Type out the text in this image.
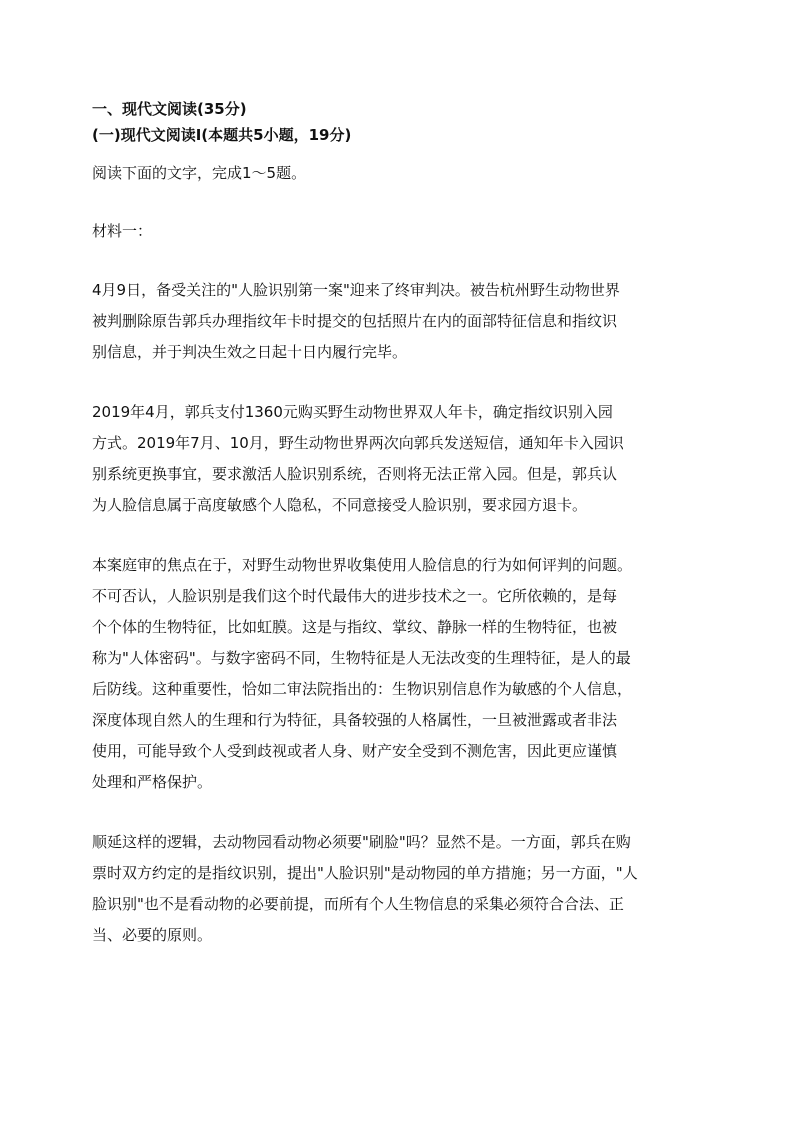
一、现代文阅读(35分)

(一)现代文阅读Ⅰ(本题共5小题，19分)

阅读下面的文字，完成1～5题。

材料一：

4月9日，备受关注的"人脸识别第一案"迎来了终审判决。被告杭州野生动物世界
被判删除原告郭兵办理指纹年卡时提交的包括照片在内的面部特征信息和指纹识
别信息，并于判决生效之日起十日内履行完毕。

2019年4月，郭兵支付1360元购买野生动物世界双人年卡，确定指纹识别入园
方式。2019年7月、10月，野生动物世界两次向郭兵发送短信，通知年卡入园识
别系统更换事宜，要求激活人脸识别系统，否则将无法正常入园。但是，郭兵认
为人脸信息属于高度敏感个人隐私，不同意接受人脸识别，要求园方退卡。

本案庭审的焦点在于，对野生动物世界收集使用人脸信息的行为如何评判的问题。
不可否认，人脸识别是我们这个时代最伟大的进步技术之一。它所依赖的，是每
个个体的生物特征，比如虹膜。这是与指纹、掌纹、静脉一样的生物特征，也被
称为"人体密码"。与数字密码不同，生物特征是人无法改变的生理特征，是人的最
后防线。这种重要性，恰如二审法院指出的：生物识别信息作为敏感的个人信息，
深度体现自然人的生理和行为特征，具备较强的人格属性，一旦被泄露或者非法
使用，可能导致个人受到歧视或者人身、财产安全受到不测危害，因此更应谨慎
处理和严格保护。

顺延这样的逻辑，去动物园看动物必须要"刷脸"吗？显然不是。一方面，郭兵在购
票时双方约定的是指纹识别，提出"人脸识别"是动物园的单方措施；另一方面，"人
脸识别"也不是看动物的必要前提，而所有个人生物信息的采集必须符合合法、正
当、必要的原则。
